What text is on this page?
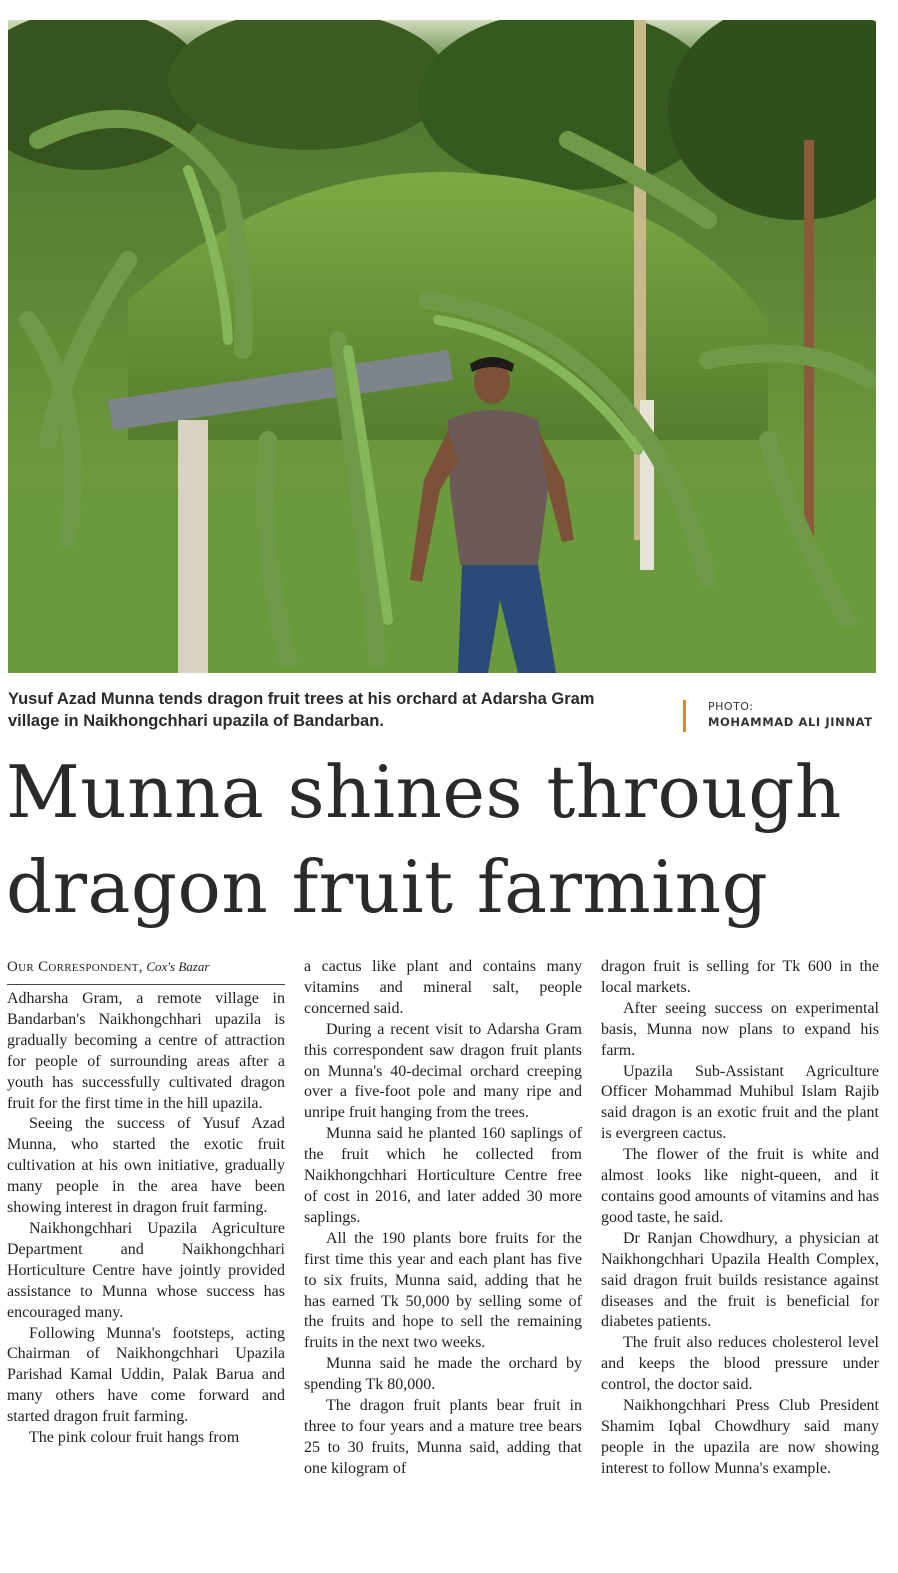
Yusuf Azad Munna tends dragon fruit trees at his orchard at Adarsha Gram
village in Naikhongchhari upazila of Bandarban.
PHOTO:
MOHAMMAD ALI JINNAT
Munna shines through
dragon fruit farming
Our Correspondent, Cox's Bazar

Adharsha Gram, a remote village in Bandarban's Naikhongchhari upazila is gradually becoming a centre of attraction for people of surrounding areas after a youth has successfully cultivated dragon fruit for the first time in the hill upazila.

Seeing the success of Yusuf Azad Munna, who started the exotic fruit cultivation at his own initiative, gradually many people in the area have been showing interest in dragon fruit farming.

Naikhongchhari Upazila Agriculture Department and Naikhongchhari Horticulture Centre have jointly provided assistance to Munna whose success has encouraged many.

Following Munna's footsteps, acting Chairman of Naikhongchhari Upazila Parishad Kamal Uddin, Palak Barua and many others have come forward and started dragon fruit farming.

The pink colour fruit hangs from

a cactus like plant and contains many vitamins and mineral salt, people concerned said.

During a recent visit to Adarsha Gram this correspondent saw dragon fruit plants on Munna's 40-decimal orchard creeping over a five-foot pole and many ripe and unripe fruit hanging from the trees.

Munna said he planted 160 saplings of the fruit which he collected from Naikhongchhari Horticulture Centre free of cost in 2016, and later added 30 more saplings.

All the 190 plants bore fruits for the first time this year and each plant has five to six fruits, Munna said, adding that he has earned Tk 50,000 by selling some of the fruits and hope to sell the remaining fruits in the next two weeks.

Munna said he made the orchard by spending Tk 80,000.

The dragon fruit plants bear fruit in three to four years and a mature tree bears 25 to 30 fruits, Munna said, adding that one kilogram of

dragon fruit is selling for Tk 600 in the local markets.

After seeing success on experimental basis, Munna now plans to expand his farm.

Upazila Sub-Assistant Agriculture Officer Mohammad Muhibul Islam Rajib said dragon is an exotic fruit and the plant is evergreen cactus.

The flower of the fruit is white and almost looks like night-queen, and it contains good amounts of vitamins and has good taste, he said.

Dr Ranjan Chowdhury, a physician at Naikhongchhari Upazila Health Complex, said dragon fruit builds resistance against diseases and the fruit is beneficial for diabetes patients.

The fruit also reduces cholesterol level and keeps the blood pressure under control, the doctor said.

Naikhongchhari Press Club President Shamim Iqbal Chowdhury said many people in the upazila are now showing interest to follow Munna's example.
